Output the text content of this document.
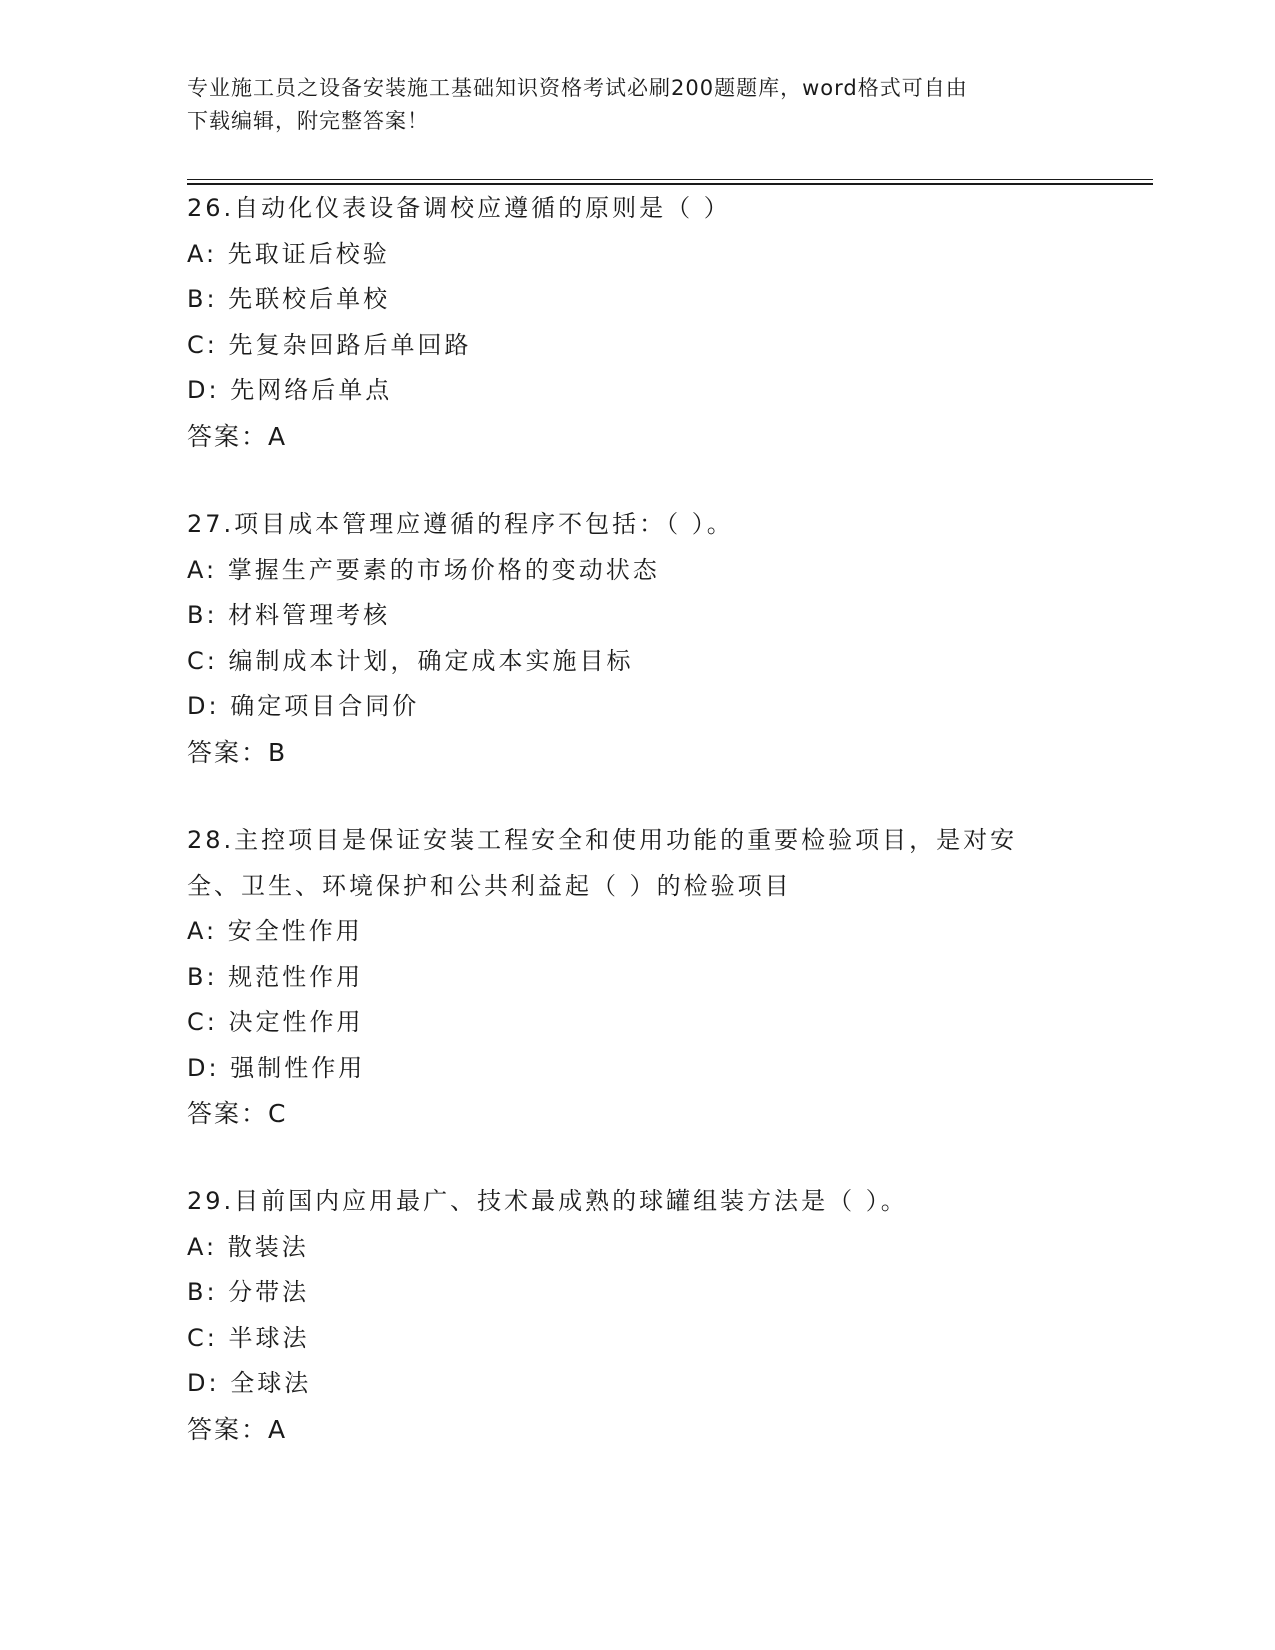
专业施工员之设备安装施工基础知识资格考试必刷200题题库，word格式可自由
下载编辑，附完整答案！
26.自动化仪表设备调校应遵循的原则是（ ）
A: 先取证后校验
B: 先联校后单校
C: 先复杂回路后单回路
D: 先网络后单点
答案：A
27.项目成本管理应遵循的程序不包括：（ ）。
A: 掌握生产要素的市场价格的变动状态
B: 材料管理考核
C: 编制成本计划，确定成本实施目标
D: 确定项目合同价
答案：B
28.主控项目是保证安装工程安全和使用功能的重要检验项目，是对安
全、卫生、环境保护和公共利益起（ ）的检验项目
A: 安全性作用
B: 规范性作用
C: 决定性作用
D: 强制性作用
答案：C
29.目前国内应用最广、技术最成熟的球罐组装方法是（ ）。
A: 散装法
B: 分带法
C: 半球法
D: 全球法
答案：A
